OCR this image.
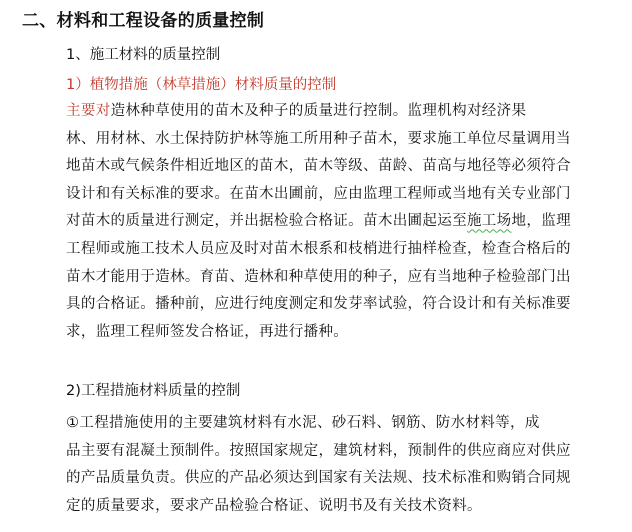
二、材料和工程设备的质量控制
1、施工材料的质量控制
1）植物措施（林草措施）材料质量的控制
主要对造林种草使用的苗木及种子的质量进行控制。监理机构对经济果
林、用材林、水土保持防护林等施工所用种子苗木，要求施工单位尽量调用当
地苗木或气候条件相近地区的苗木，苗木等级、苗龄、苗高与地径等必须符合
设计和有关标准的要求。在苗木出圃前，应由监理工程师或当地有关专业部门
对苗木的质量进行测定，并出据检验合格证。苗木出圃起运至施工场地，监理
工程师或施工技术人员应及时对苗木根系和枝梢进行抽样检查，检查合格后的
苗木才能用于造林。育苗、造林和种草使用的种子，应有当地种子检验部门出
具的合格证。播种前，应进行纯度测定和发芽率试验，符合设计和有关标准要
求，监理工程师签发合格证，再进行播种。
2)工程措施材料质量的控制
①工程措施使用的主要建筑材料有水泥、砂石料、钢筋、防水材料等，成
品主要有混凝土预制件。按照国家规定，建筑材料，预制件的供应商应对供应
的产品质量负责。供应的产品必须达到国家有关法规、技术标准和购销合同规
定的质量要求，要求产品检验合格证、说明书及有关技术资料。
